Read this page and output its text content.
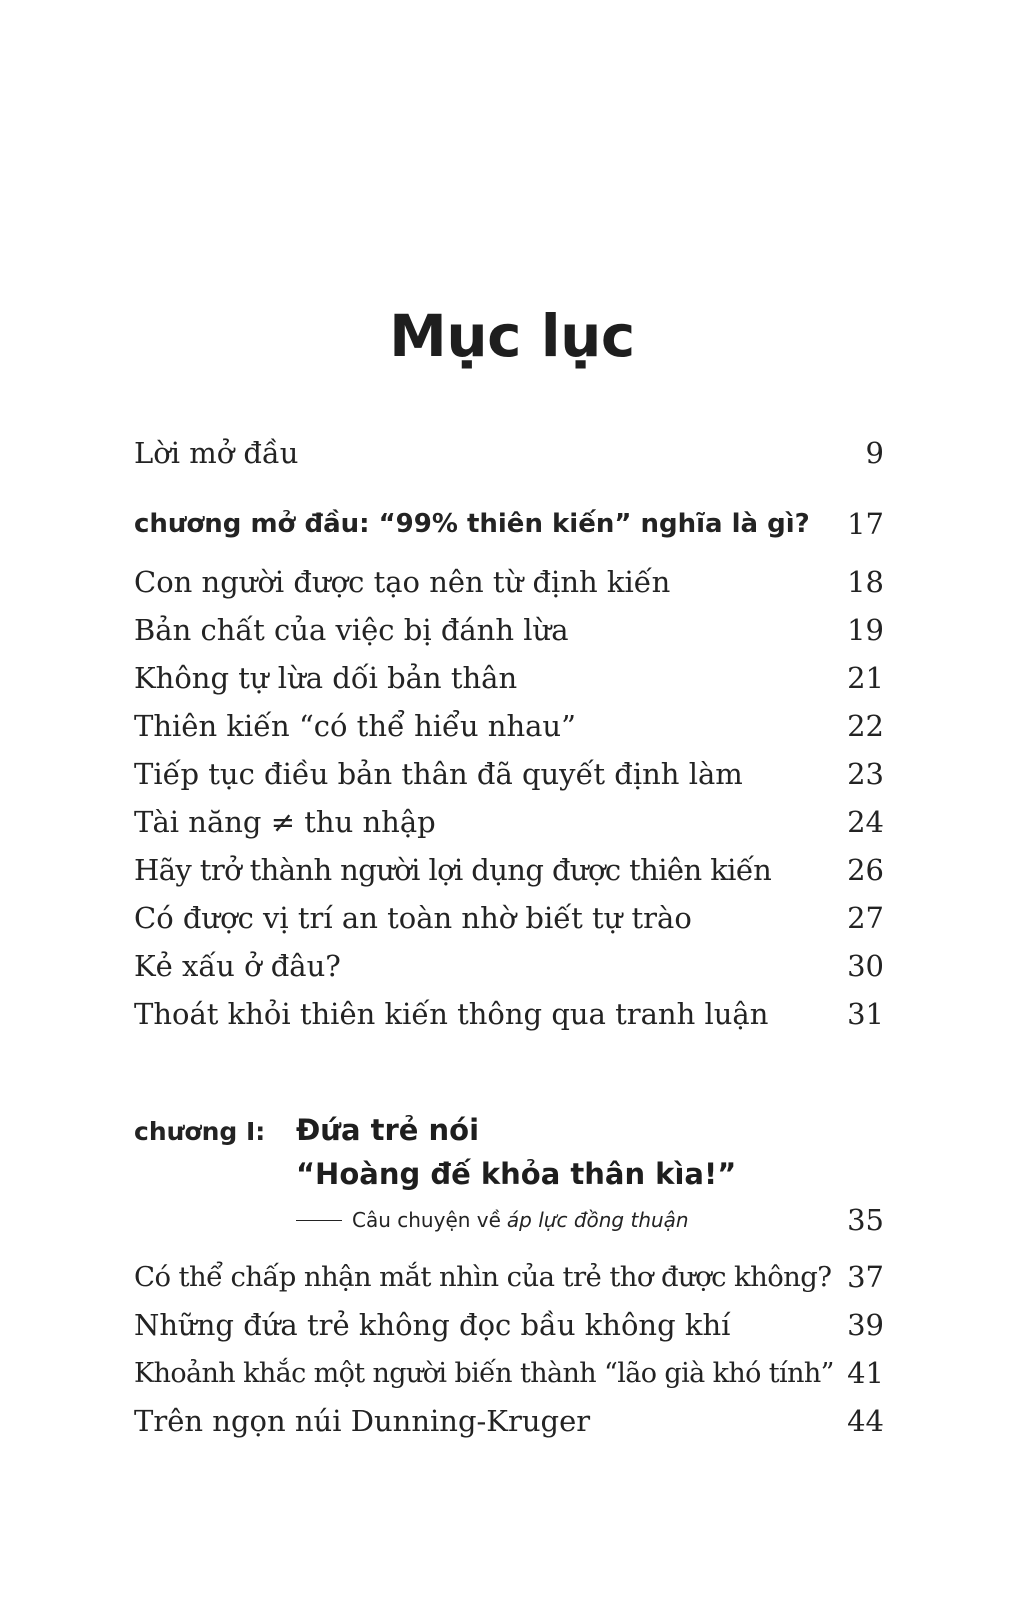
Mục lục
Lời mở đầu	9
chương mở đầu: “99% thiên kiến” nghĩa là gì? 17
Con người được tạo nên từ định kiến	18
Bản chất của việc bị đánh lừa	19
Không tự lừa dối bản thân	21
Thiên kiến “có thể hiểu nhau”	22
Tiếp tục điều bản thân đã quyết định làm	23
Tài năng ≠ thu nhập	24
Hãy trở thành người lợi dụng được thiên kiến	26
Có được vị trí an toàn nhờ biết tự trào	27
Kẻ xấu ở đâu?	30
Thoát khỏi thiên kiến thông qua tranh luận	31
chương I: Đứa trẻ nói
“Hoàng đế khỏa thân kìa!”
Câu chuyện về áp lực đồng thuận	35
Có thể chấp nhận mắt nhìn của trẻ thơ được không? 37
Những đứa trẻ không đọc bầu không khí	39
Khoảnh khắc một người biến thành “lão già khó tính” 41
Trên ngọn núi Dunning-Kruger	44
